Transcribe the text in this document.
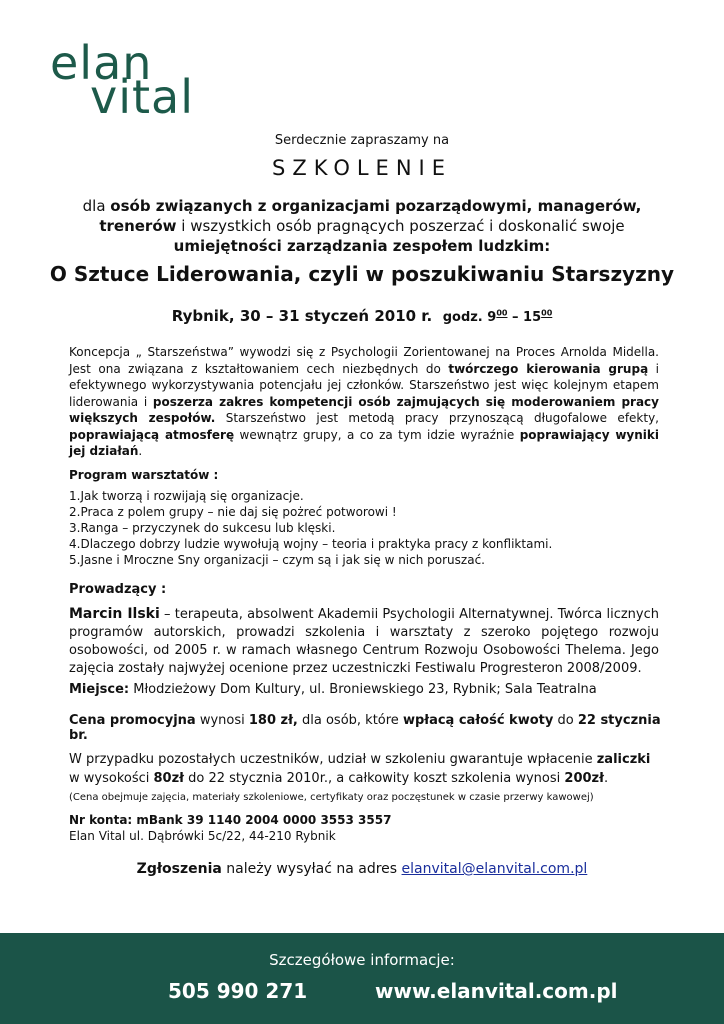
elan
vital
Serdecznie zapraszamy na
SZKOLENIE
dla osób związanych z organizacjami pozarządowymi, managerów,
trenerów i wszystkich osób pragnących poszerzać i doskonalić swoje
umiejętności zarządzania zespołem ludzkim:
O Sztuce Liderowania, czyli w poszukiwaniu Starszyzny
Rybnik, 30 – 31 styczeń 2010 r. godz. $9^{00} - 15^{00}$
Koncepcja „ Starszeństwa” wywodzi się z Psychologii Zorientowanej na Proces Arnolda Midella. Jest ona związana z kształtowaniem cech niezbędnych do twórczego kierowania grupą i efektywnego wykorzystywania potencjału jej członków. Starszeństwo jest więc kolejnym etapem liderowania i poszerza zakres kompetencji osób zajmujących się moderowaniem pracy większych zespołów. Starszeństwo jest metodą pracy przynoszącą długofalowe efekty, poprawiającą atmosferę wewnątrz grupy, a co za tym idzie wyraźnie poprawiający wyniki jej działań.
Program warsztatów :
1.Jak tworzą i rozwijają się organizacje.
2.Praca z polem grupy – nie daj się pożreć potworowi !
3.Ranga – przyczynek do sukcesu lub klęski.
4.Dlaczego dobrzy ludzie wywołują wojny – teoria i praktyka pracy z konfliktami.
5.Jasne i Mroczne Sny organizacji – czym są i jak się w nich poruszać.
Prowadzący :
Marcin Ilski – terapeuta, absolwent Akademii Psychologii Alternatywnej. Twórca licznych programów autorskich, prowadzi szkolenia i warsztaty z szeroko pojętego rozwoju osobowości, od 2005 r. w ramach własnego Centrum Rozwoju Osobowości Thelema. Jego zajęcia zostały najwyżej ocenione przez uczestniczki Festiwalu Progresteron 2008/2009.
Miejsce: Młodzieżowy Dom Kultury, ul. Broniewskiego 23, Rybnik; Sala Teatralna
Cena promocyjna wynosi 180 zł, dla osób, które wpłacą całość kwoty do 22 stycznia br.
W przypadku pozostałych uczestników, udział w szkoleniu gwarantuje wpłacenie zaliczki w wysokości 80zł do 22 stycznia 2010r., a całkowity koszt szkolenia wynosi 200zł.
(Cena obejmuje zajęcia, materiały szkoleniowe, certyfikaty oraz poczęstunek w czasie przerwy kawowej)
Nr konta: mBank 39 1140 2004 0000 3553 3557
Elan Vital ul. Dąbrówki 5c/22, 44-210 Rybnik
Zgłoszenia należy wysyłać na adres elanvital@elanvital.com.pl
Szczegółowe informacje:
505 990 271	www.elanvital.com.pl
